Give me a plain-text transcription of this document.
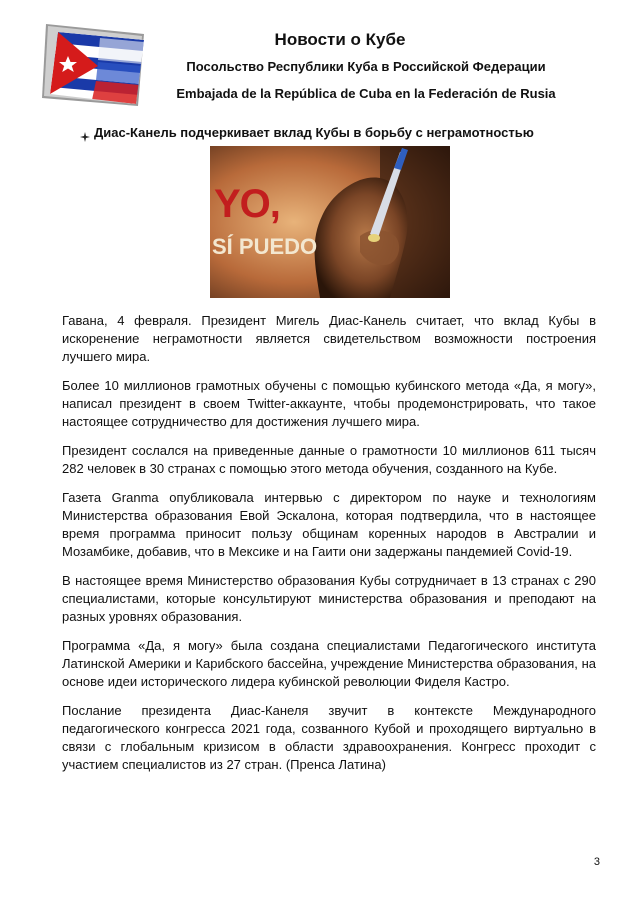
Новости о Кубе
Посольство Республики Куба в Российской Федерации
Embajada de la República de Cuba en la Federación de Rusia
Диас-Канель подчеркивает вклад Кубы в борьбу с неграмотностью
YO,
SÍ PUEDO

Гавана, 4 февраля. Президент Мигель Диас-Канель считает, что вклад Кубы в искоренение неграмотности является свидетельством возможности построения лучшего мира.

Более 10 миллионов грамотных обучены с помощью кубинского метода «Да, я могу», написал президент в своем Twitter-аккаунте, чтобы продемонстрировать, что такое настоящее сотрудничество для достижения лучшего мира.

Президент сослался на приведенные данные о грамотности 10 миллионов 611 тысяч 282 человек в 30 странах с помощью этого метода обучения, созданного на Кубе.

Газета Granma опубликовала интервью с директором по науке и технологиям Министерства образования Евой Эскалона, которая подтвердила, что в настоящее время программа приносит пользу общинам коренных народов в Австралии и Мозамбике, добавив, что в Мексике и на Гаити они задержаны пандемией Covid-19.

В настоящее время Министерство образования Кубы сотрудничает в 13 странах с 290 специалистами, которые консультируют министерства образования и преподают на разных уровнях образования.

Программа «Да, я могу» была создана специалистами Педагогического института Латинской Америки и Карибского бассейна, учреждение Министерства образования, на основе идеи исторического лидера кубинской революции Фиделя Кастро.

Послание президента Диас-Канеля звучит в контексте Международного педагогического конгресса 2021 года, созванного Кубой и проходящего виртуально в связи с глобальным кризисом в области здравоохранения. Конгресс проходит с участием специалистов из 27 стран. (Пренса Латина)

3
